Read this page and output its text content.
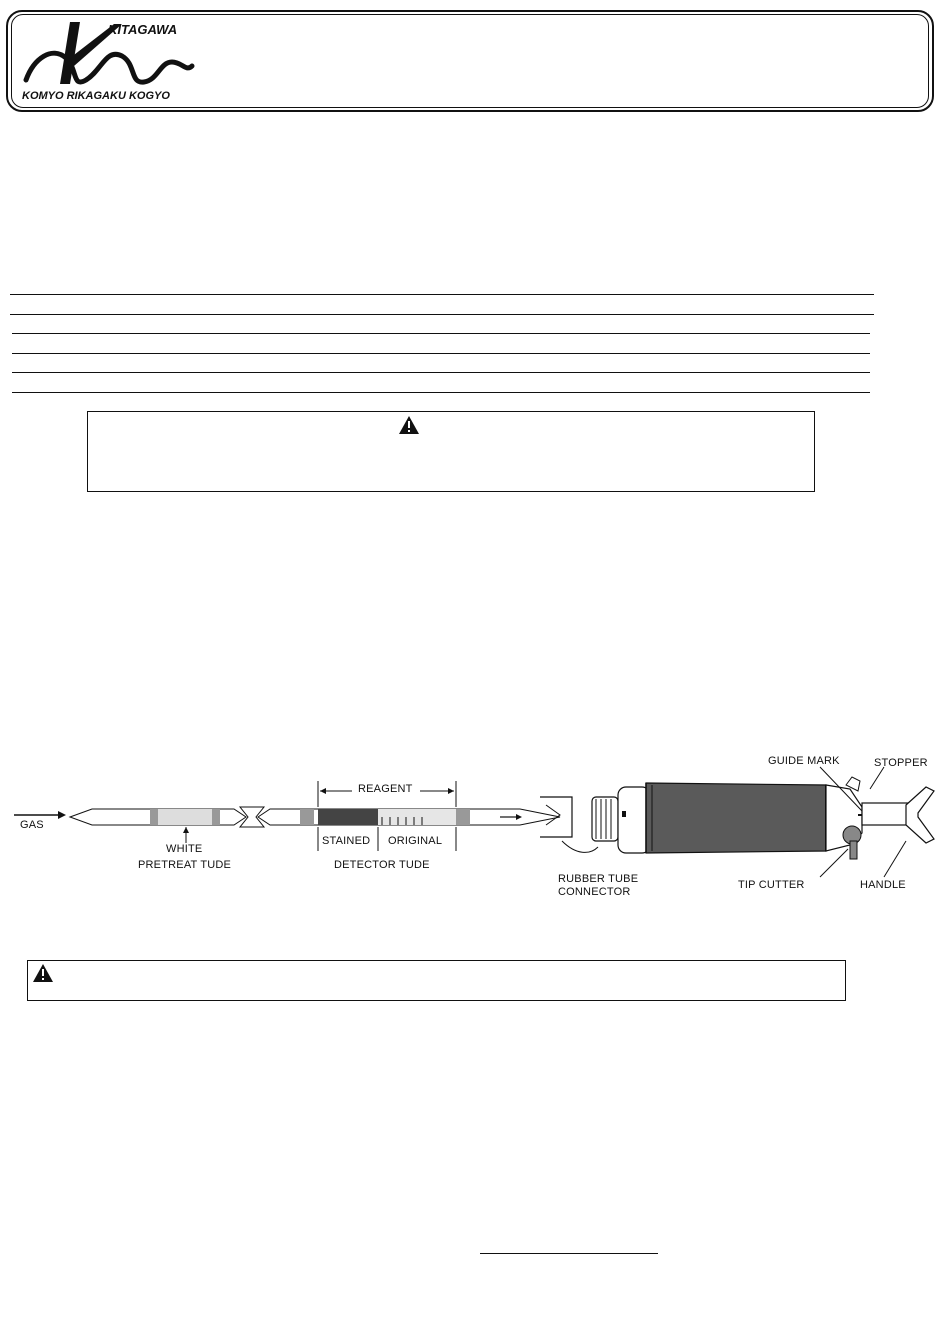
KITAGAWA
KOMYO RIKAGAKU KOGYO
GAS
WHITE
PRETREAT TUDE
REAGENT
STAINED ORIGINAL
DETECTOR TUDE
RUBBER TUBE
CONNECTOR
GUIDE MARK	STOPPER
TIP CUTTER	HANDLE
